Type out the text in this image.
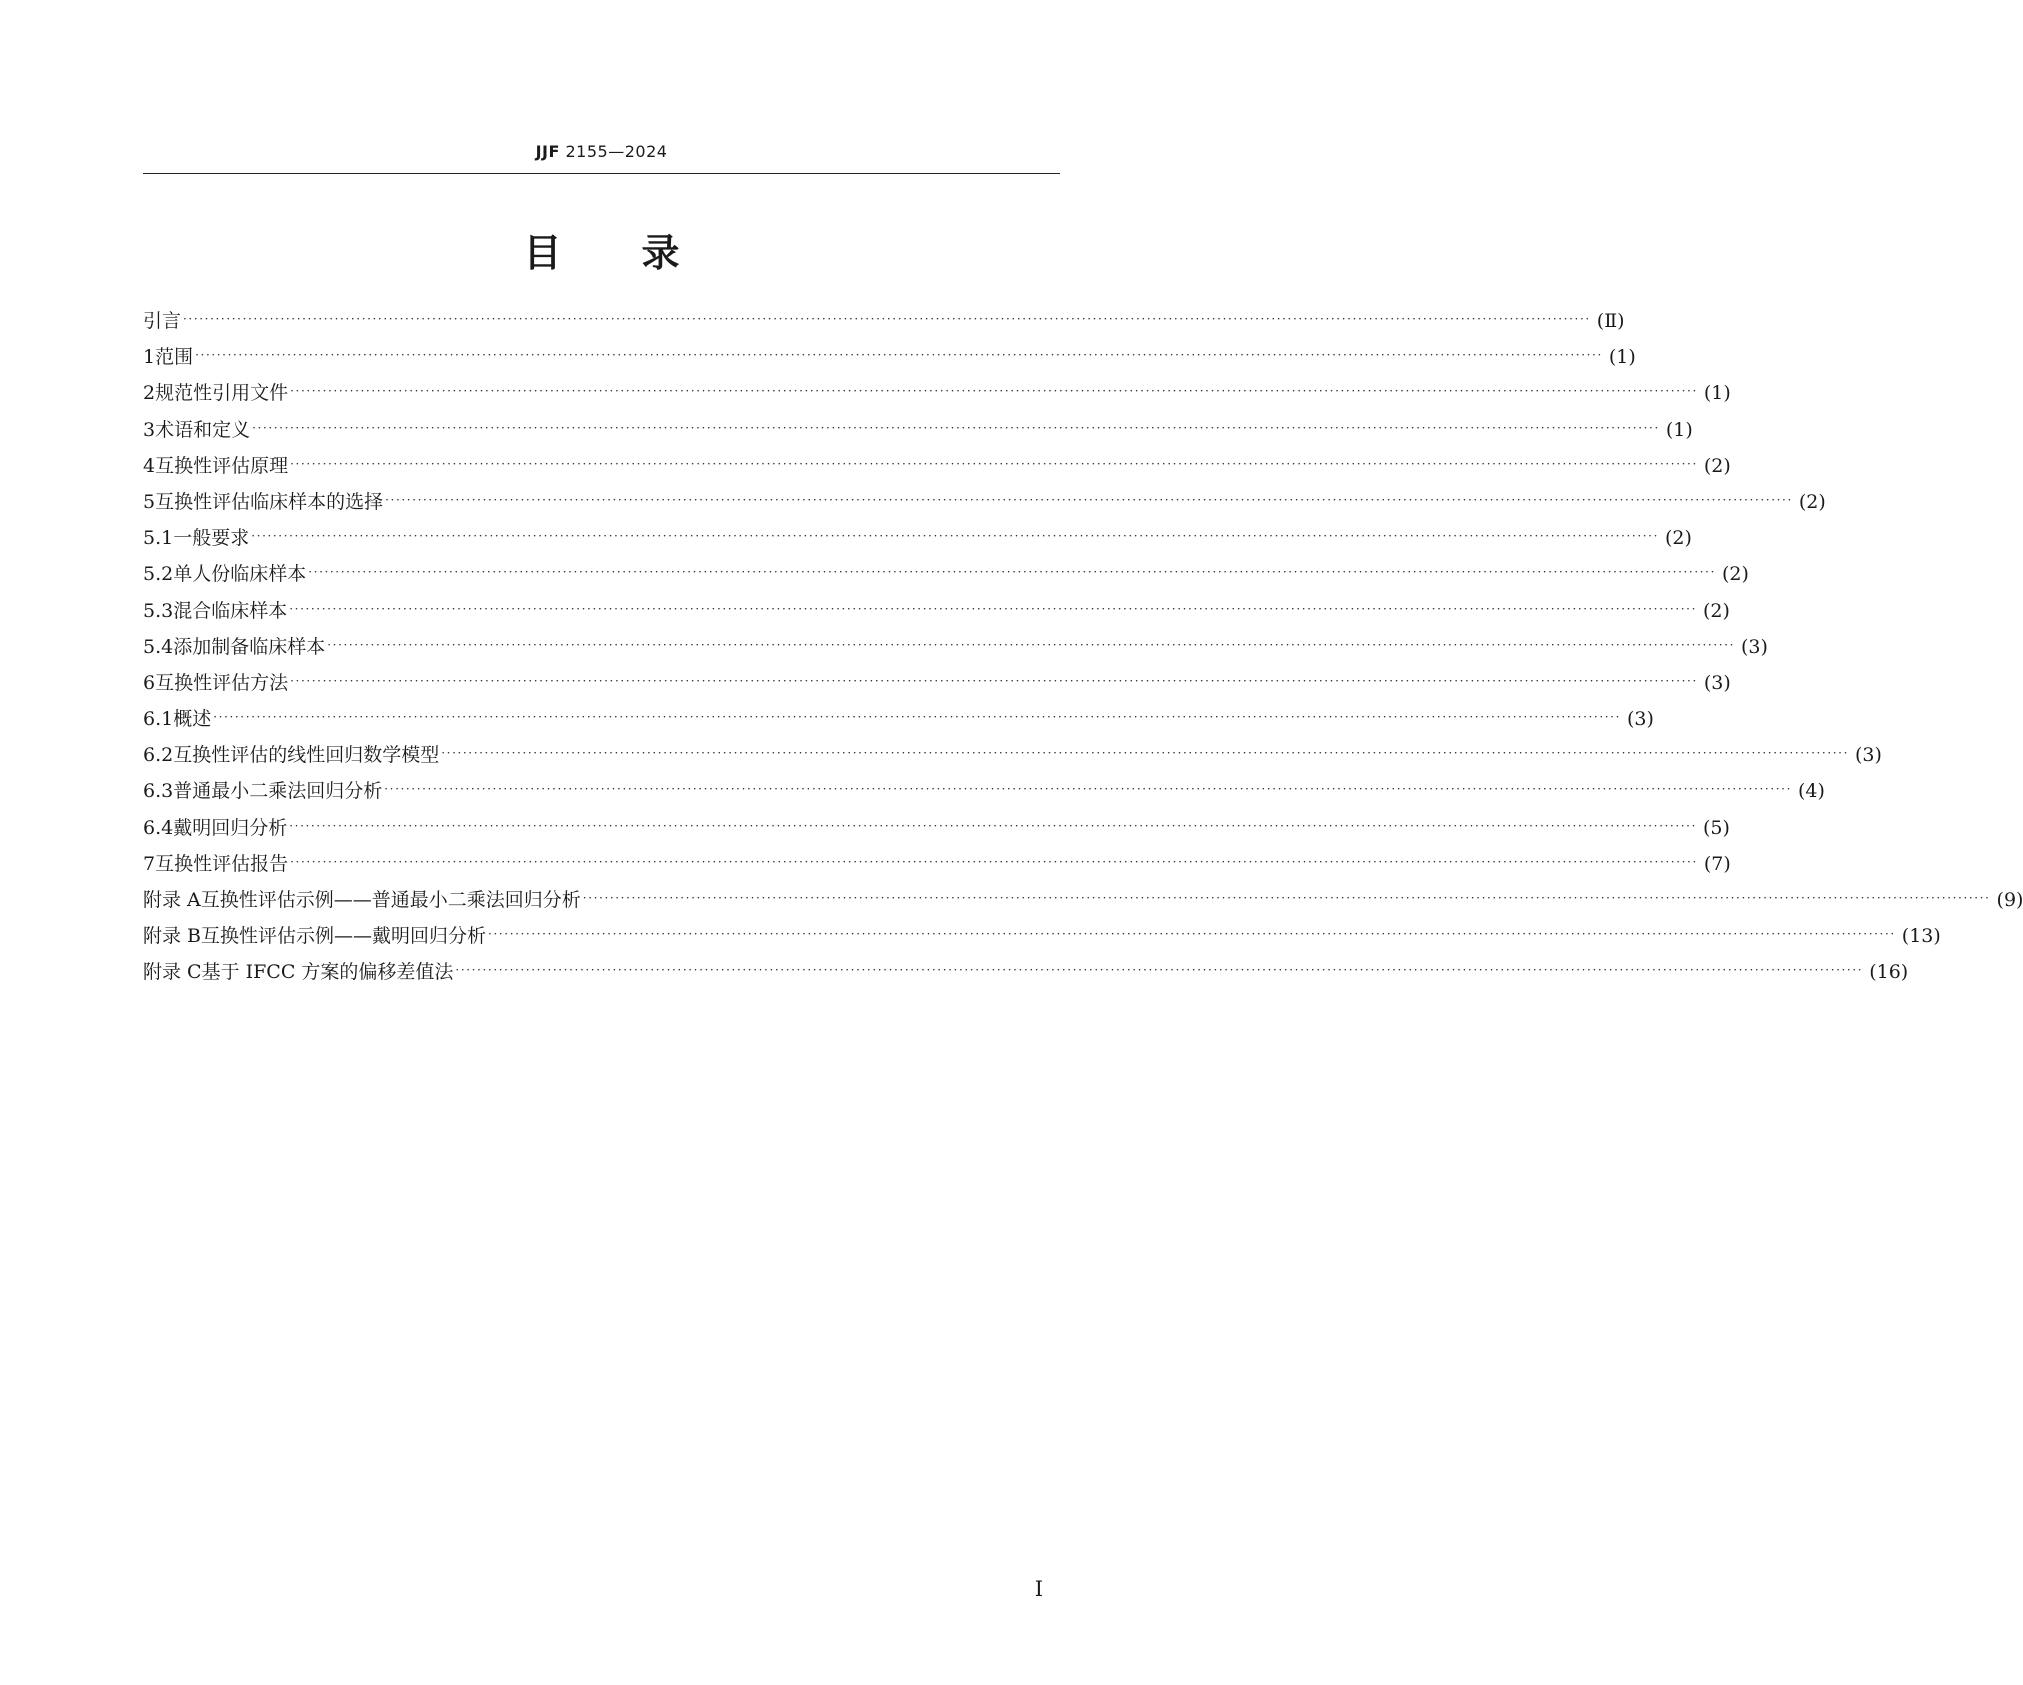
JJF 2155—2024
目录
引言 ···································································································································································································································································· (Ⅱ)
1 范围 ···································································································································································································································································· (1)
2 规范性引用文件 ···································································································································································································································································· (1)
3 术语和定义 ···································································································································································································································································· (1)
4 互换性评估原理 ···································································································································································································································································· (2)
5 互换性评估临床样本的选择 ···································································································································································································································································· (2)
5.1 一般要求 ···································································································································································································································································· (2)
5.2 单人份临床样本 ···································································································································································································································································· (2)
5.3 混合临床样本 ···································································································································································································································································· (2)
5.4 添加制备临床样本 ···································································································································································································································································· (3)
6 互换性评估方法 ···································································································································································································································································· (3)
6.1 概述 ···································································································································································································································································· (3)
6.2 互换性评估的线性回归数学模型 ···································································································································································································································································· (3)
6.3 普通最小二乘法回归分析 ···································································································································································································································································· (4)
6.4 戴明回归分析 ···································································································································································································································································· (5)
7 互换性评估报告 ···································································································································································································································································· (7)
附录 A 互换性评估示例——普通最小二乘法回归分析 ···································································································································································································································································· (9)
附录 B 互换性评估示例——戴明回归分析 ···································································································································································································································································· (13)
附录 C 基于 IFCC 方案的偏移差值法 ···································································································································································································································································· (16)
Ⅰ
